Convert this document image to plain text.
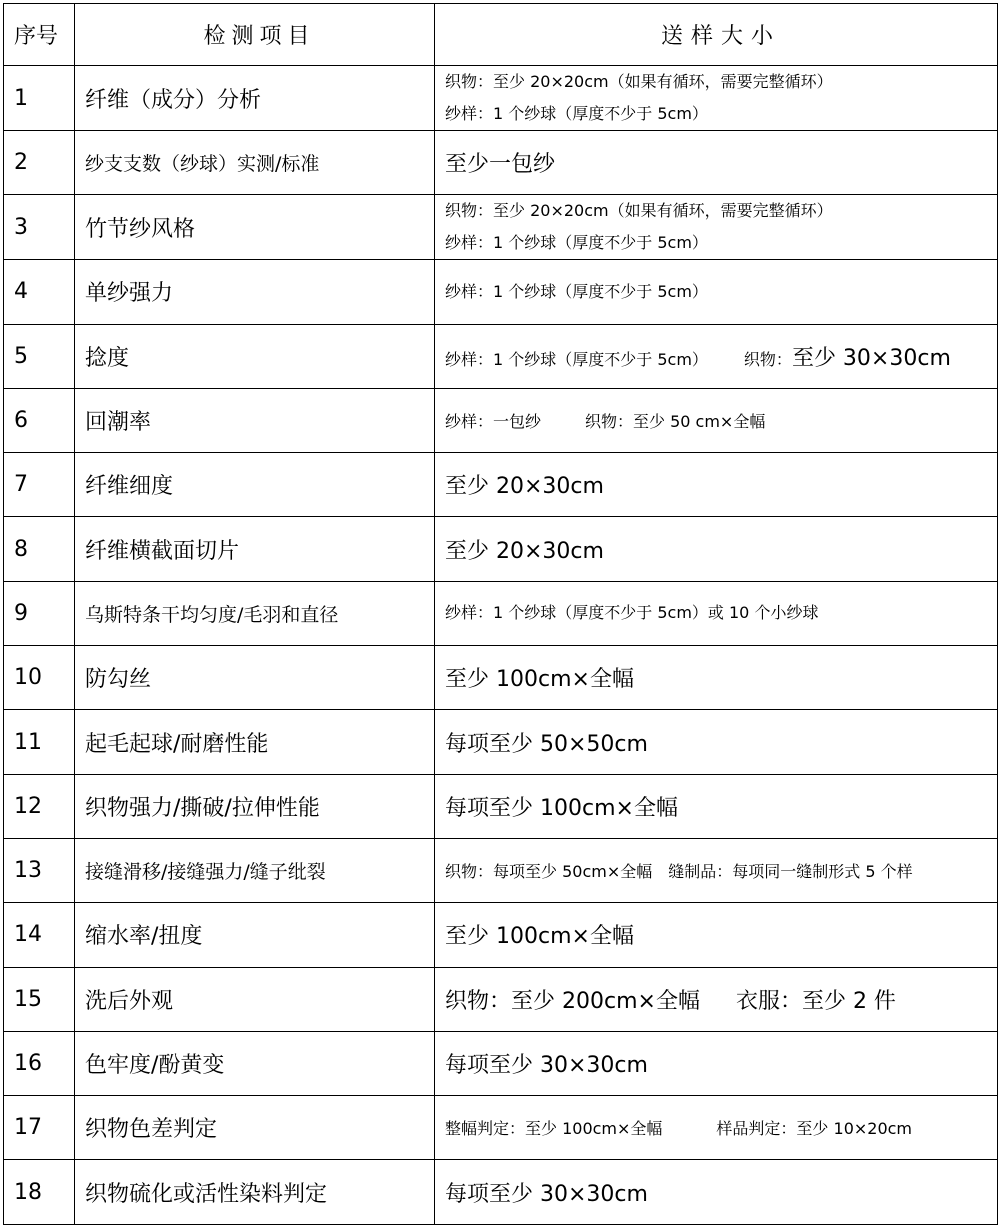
序号	检测项目	送样大小
1	纤维（成分）分析	织物：至少 20×20cm（如果有循环，需要完整循环）
纱样：1 个纱球（厚度不少于 5cm）

2	纱支支数（纱球）实测/标准	至少一包纱

3	竹节纱风格	织物：至少 20×20cm（如果有循环，需要完整循环）
纱样：1 个纱球（厚度不少于 5cm）

4	单纱强力	纱样：1 个纱球（厚度不少于 5cm）

5	捻度	纱样：1 个纱球（厚度不少于 5cm） 织物：至少 30×30cm
6	回潮率	纱样：一包纱 织物：至少 50 cm×全幅
7	纤维细度	至少 20×30cm

8	纤维横截面切片	至少 20×30cm

9	乌斯特条干均匀度/毛羽和直径	纱样：1 个纱球（厚度不少于 5cm）或 10 个小纱球

10	防勾丝	至少 100cm×全幅

11	起毛起球/耐磨性能	每项至少 50×50cm

12	织物强力/撕破/拉伸性能	每项至少 100cm×全幅

13	接缝滑移/接缝强力/缝子纰裂	织物：每项至少 50cm×全幅 缝制品：每项同一缝制形式 5 个样
14	缩水率/扭度	至少 100cm×全幅

15	洗后外观	织物：至少 200cm×全幅 衣服：至少 2 件
16	色牢度/酚黄变	每项至少 30×30cm

17	织物色差判定	整幅判定：至少 100cm×全幅 样品判定：至少 10×20cm
18	织物硫化或活性染料判定	每项至少 30×30cm
